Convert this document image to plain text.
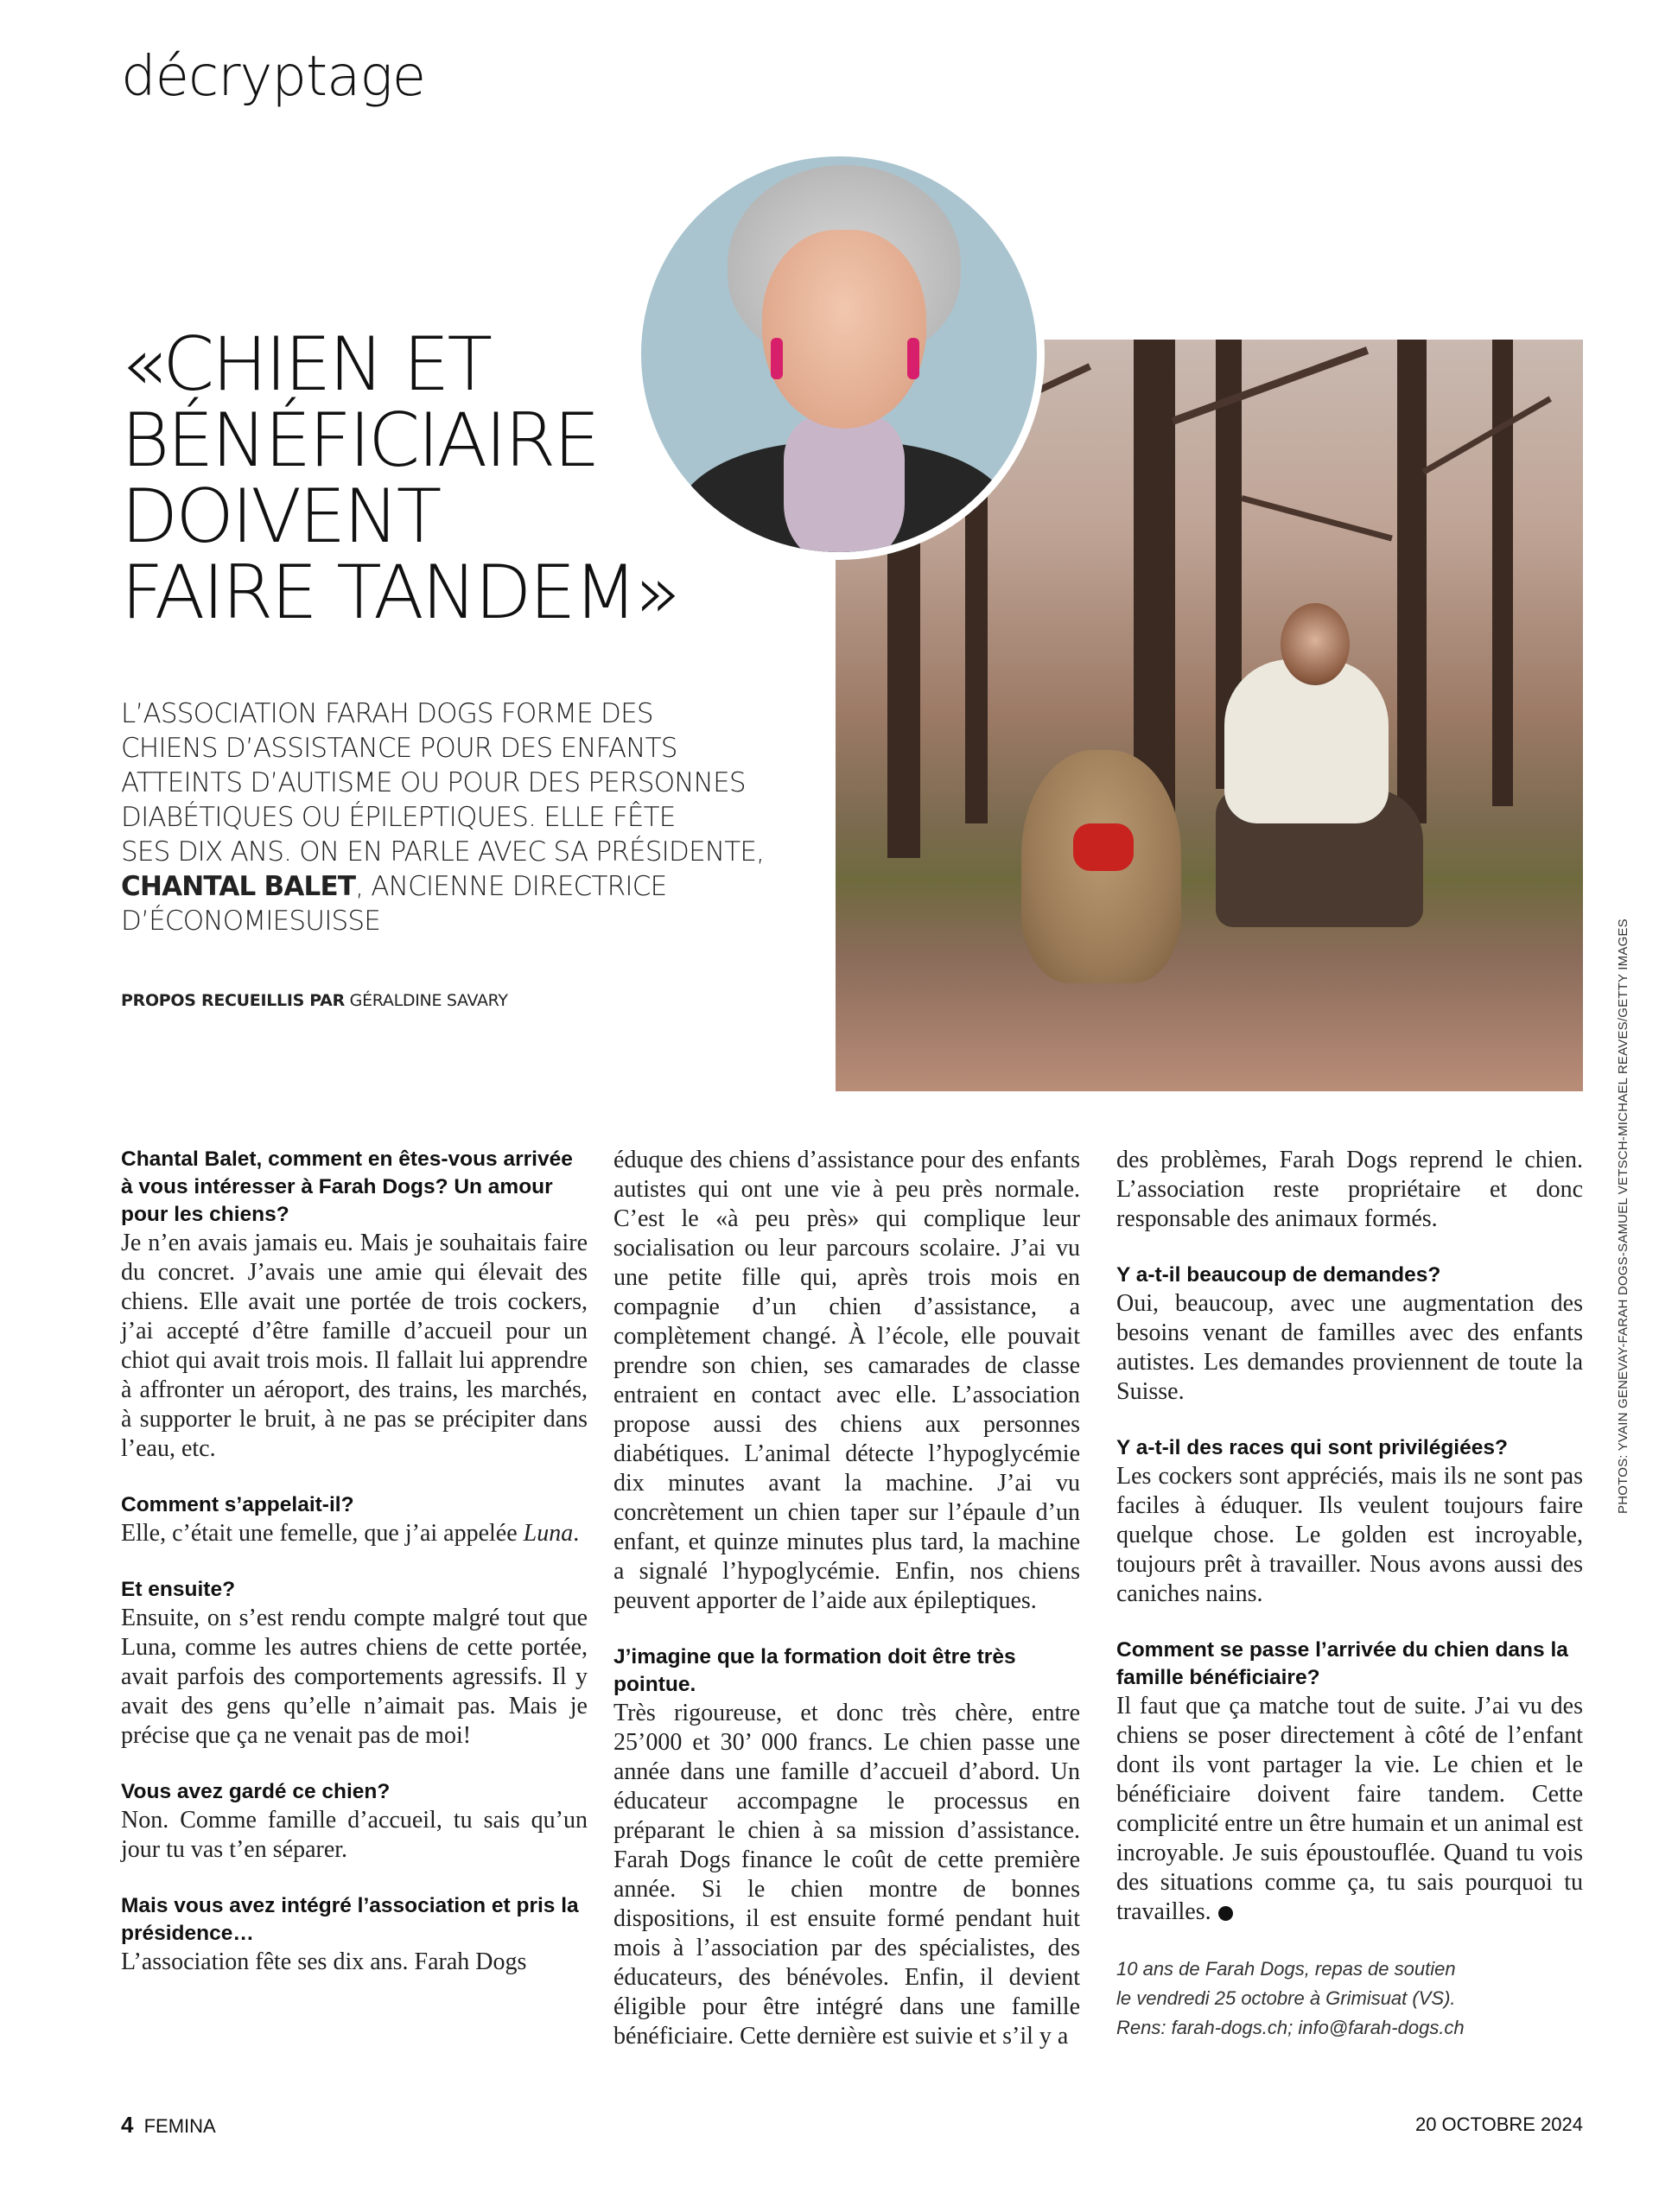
décryptage
«CHIEN ET
BÉNÉFICIAIRE
DOIVENT
FAIRE TANDEM»
L’ASSOCIATION FARAH DOGS FORME DES
CHIENS D’ASSISTANCE POUR DES ENFANTS
ATTEINTS D’AUTISME OU POUR DES PERSONNES
DIABÉTIQUES OU ÉPILEPTIQUES. ELLE FÊTE
SES DIX ANS. ON EN PARLE AVEC SA PRÉSIDENTE,
CHANTAL BALET, ANCIENNE DIRECTRICE
D’ÉCONOMIESUISSE
PROPOS RECUEILLIS PAR GÉRALDINE SAVARY

Chantal Balet, comment en êtes-vous arrivée à vous intéresser à Farah Dogs? Un amour pour les chiens?

Je n’en avais jamais eu. Mais je souhaitais faire du concret. J’avais une amie qui élevait des chiens. Elle avait une portée de trois cockers, j’ai accepté d’être famille d’accueil pour un chiot qui avait trois mois. Il fallait lui apprendre à affronter un aéroport, des trains, les marchés, à supporter le bruit, à ne pas se précipiter dans l’eau, etc.

Comment s’appelait-il?

Elle, c’était une femelle, que j’ai appelée Luna.

Et ensuite?

Ensuite, on s’est rendu compte malgré tout que Luna, comme les autres chiens de cette portée, avait parfois des comportements agressifs. Il y avait des gens qu’elle n’aimait pas. Mais je précise que ça ne venait pas de moi!

Vous avez gardé ce chien?

Non. Comme famille d’accueil, tu sais qu’un jour tu vas t’en séparer.

Mais vous avez intégré l’association et pris la présidence…

L’association fête ses dix ans. Farah Dogs

éduque des chiens d’assistance pour des enfants autistes qui ont une vie à peu près normale. C’est le «à peu près» qui complique leur socialisation ou leur parcours scolaire. J’ai vu une petite fille qui, après trois mois en compagnie d’un chien d’assistance, a complètement changé. À l’école, elle pouvait prendre son chien, ses camarades de classe entraient en contact avec elle. L’association propose aussi des chiens aux personnes diabétiques. L’animal détecte l’hypoglycémie dix minutes avant la machine. J’ai vu concrètement un chien taper sur l’épaule d’un enfant, et quinze minutes plus tard, la machine a signalé l’hypoglycémie. Enfin, nos chiens peuvent apporter de l’aide aux épileptiques.

J’imagine que la formation doit être très pointue.

Très rigoureuse, et donc très chère, entre 25’000 et 30’ 000 francs. Le chien passe une année dans une famille d’accueil d’abord. Un éducateur accompagne le processus en préparant le chien à sa mission d’assistance. Farah Dogs finance le coût de cette première année. Si le chien montre de bonnes dispositions, il est ensuite formé pendant huit mois à l’association par des spécialistes, des éducateurs, des bénévoles. Enfin, il devient éligible pour être intégré dans une famille bénéficiaire. Cette dernière est suivie et s’il y a

des problèmes, Farah Dogs reprend le chien. L’association reste propriétaire et donc responsable des animaux formés.

Y a-t-il beaucoup de demandes?

Oui, beaucoup, avec une augmentation des besoins venant de familles avec des enfants autistes. Les demandes proviennent de toute la Suisse.

Y a-t-il des races qui sont privilégiées?

Les cockers sont appréciés, mais ils ne sont pas faciles à éduquer. Ils veulent toujours faire quelque chose. Le golden est incroyable, toujours prêt à travailler. Nous avons aussi des caniches nains.

Comment se passe l’arrivée du chien dans la famille bénéficiaire?

Il faut que ça matche tout de suite. J’ai vu des chiens se poser directement à côté de l’enfant dont ils vont partager la vie. Le chien et le bénéficiaire doivent faire tandem. Cette complicité entre un être humain et un animal est incroyable. Je suis époustouflée. Quand tu vois des situations comme ça, tu sais pourquoi tu travailles.

10 ans de Farah Dogs, repas de soutien

le vendredi 25 octobre à Grimisuat (VS).

Rens: farah-dogs.ch; info@farah-dogs.ch

PHOTOS: YVAIN GENEVAY-FARAH DOGS-SAMUEL VETSCH-MICHAEL REAVES/GETTY IMAGES
4 FEMINA	20 OCTOBRE 2024
